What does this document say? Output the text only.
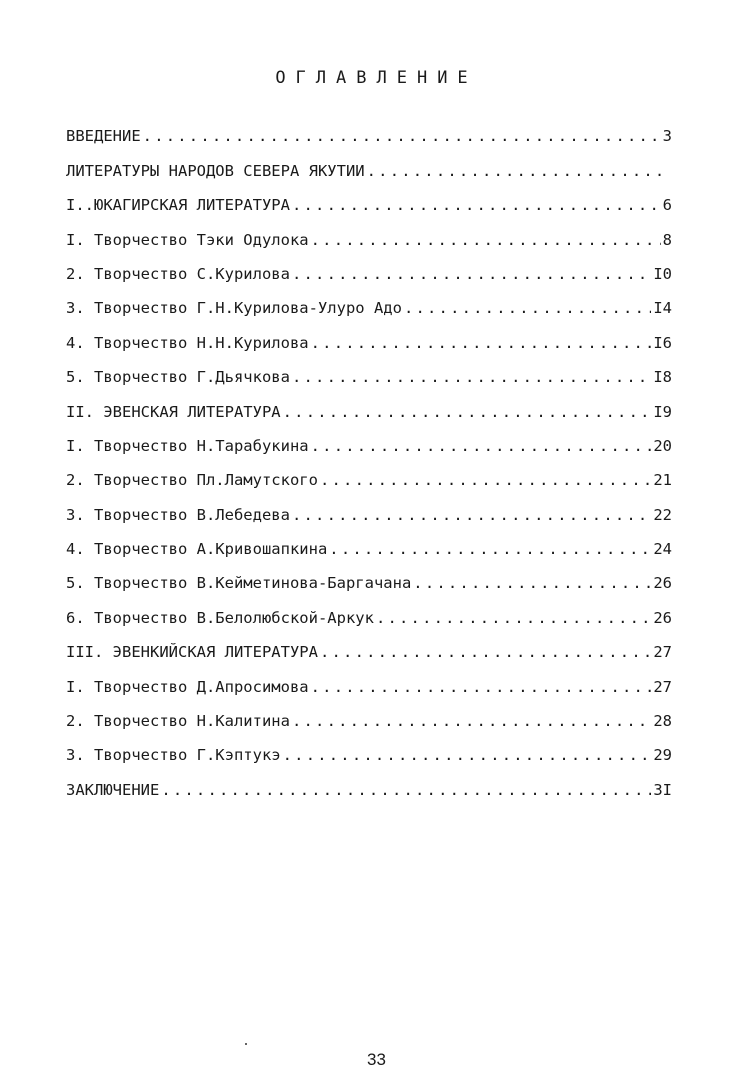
ОГЛАВЛЕНИЕ
ВВЕДЕНИЕ .....	3
ЛИТЕРАТУРЫ НАРОДОВ СЕВЕРА ЯКУТИИ
.....
I..ЮКАГИРСКАЯ ЛИТЕРАТУРА .....	6
I. Творчество Тэки Одулока .....	8
2. Творчество С.Курилова .....	I0
3. Творчество Г.Н.Курилова-Улуро Адо .....	I4
4. Творчество Н.Н.Курилова .....	I6
5. Творчество Г.Дьячкова .....	I8
II. ЭВЕНСКАЯ ЛИТЕРАТУРА .....	I9
I. Творчество Н.Тарабукина .....	20
2. Творчество Пл.Ламутского .....	21
3. Творчество В.Лебедева .....	22
4. Творчество А.Кривошапкина .....	24
5. Творчество В.Кейметинова-Баргачана .....	26
6. Творчество В.Белолюбской-Аркук .....	26
III. ЭВЕНКИЙСКАЯ ЛИТЕРАТУРА .....	27
I. Творчество Д.Апросимова .....	27
2. Творчество Н.Калитина .....	28
3. Творчество Г.Кэптукэ .....	29
ЗАКЛЮЧЕНИЕ .....	3I
33
